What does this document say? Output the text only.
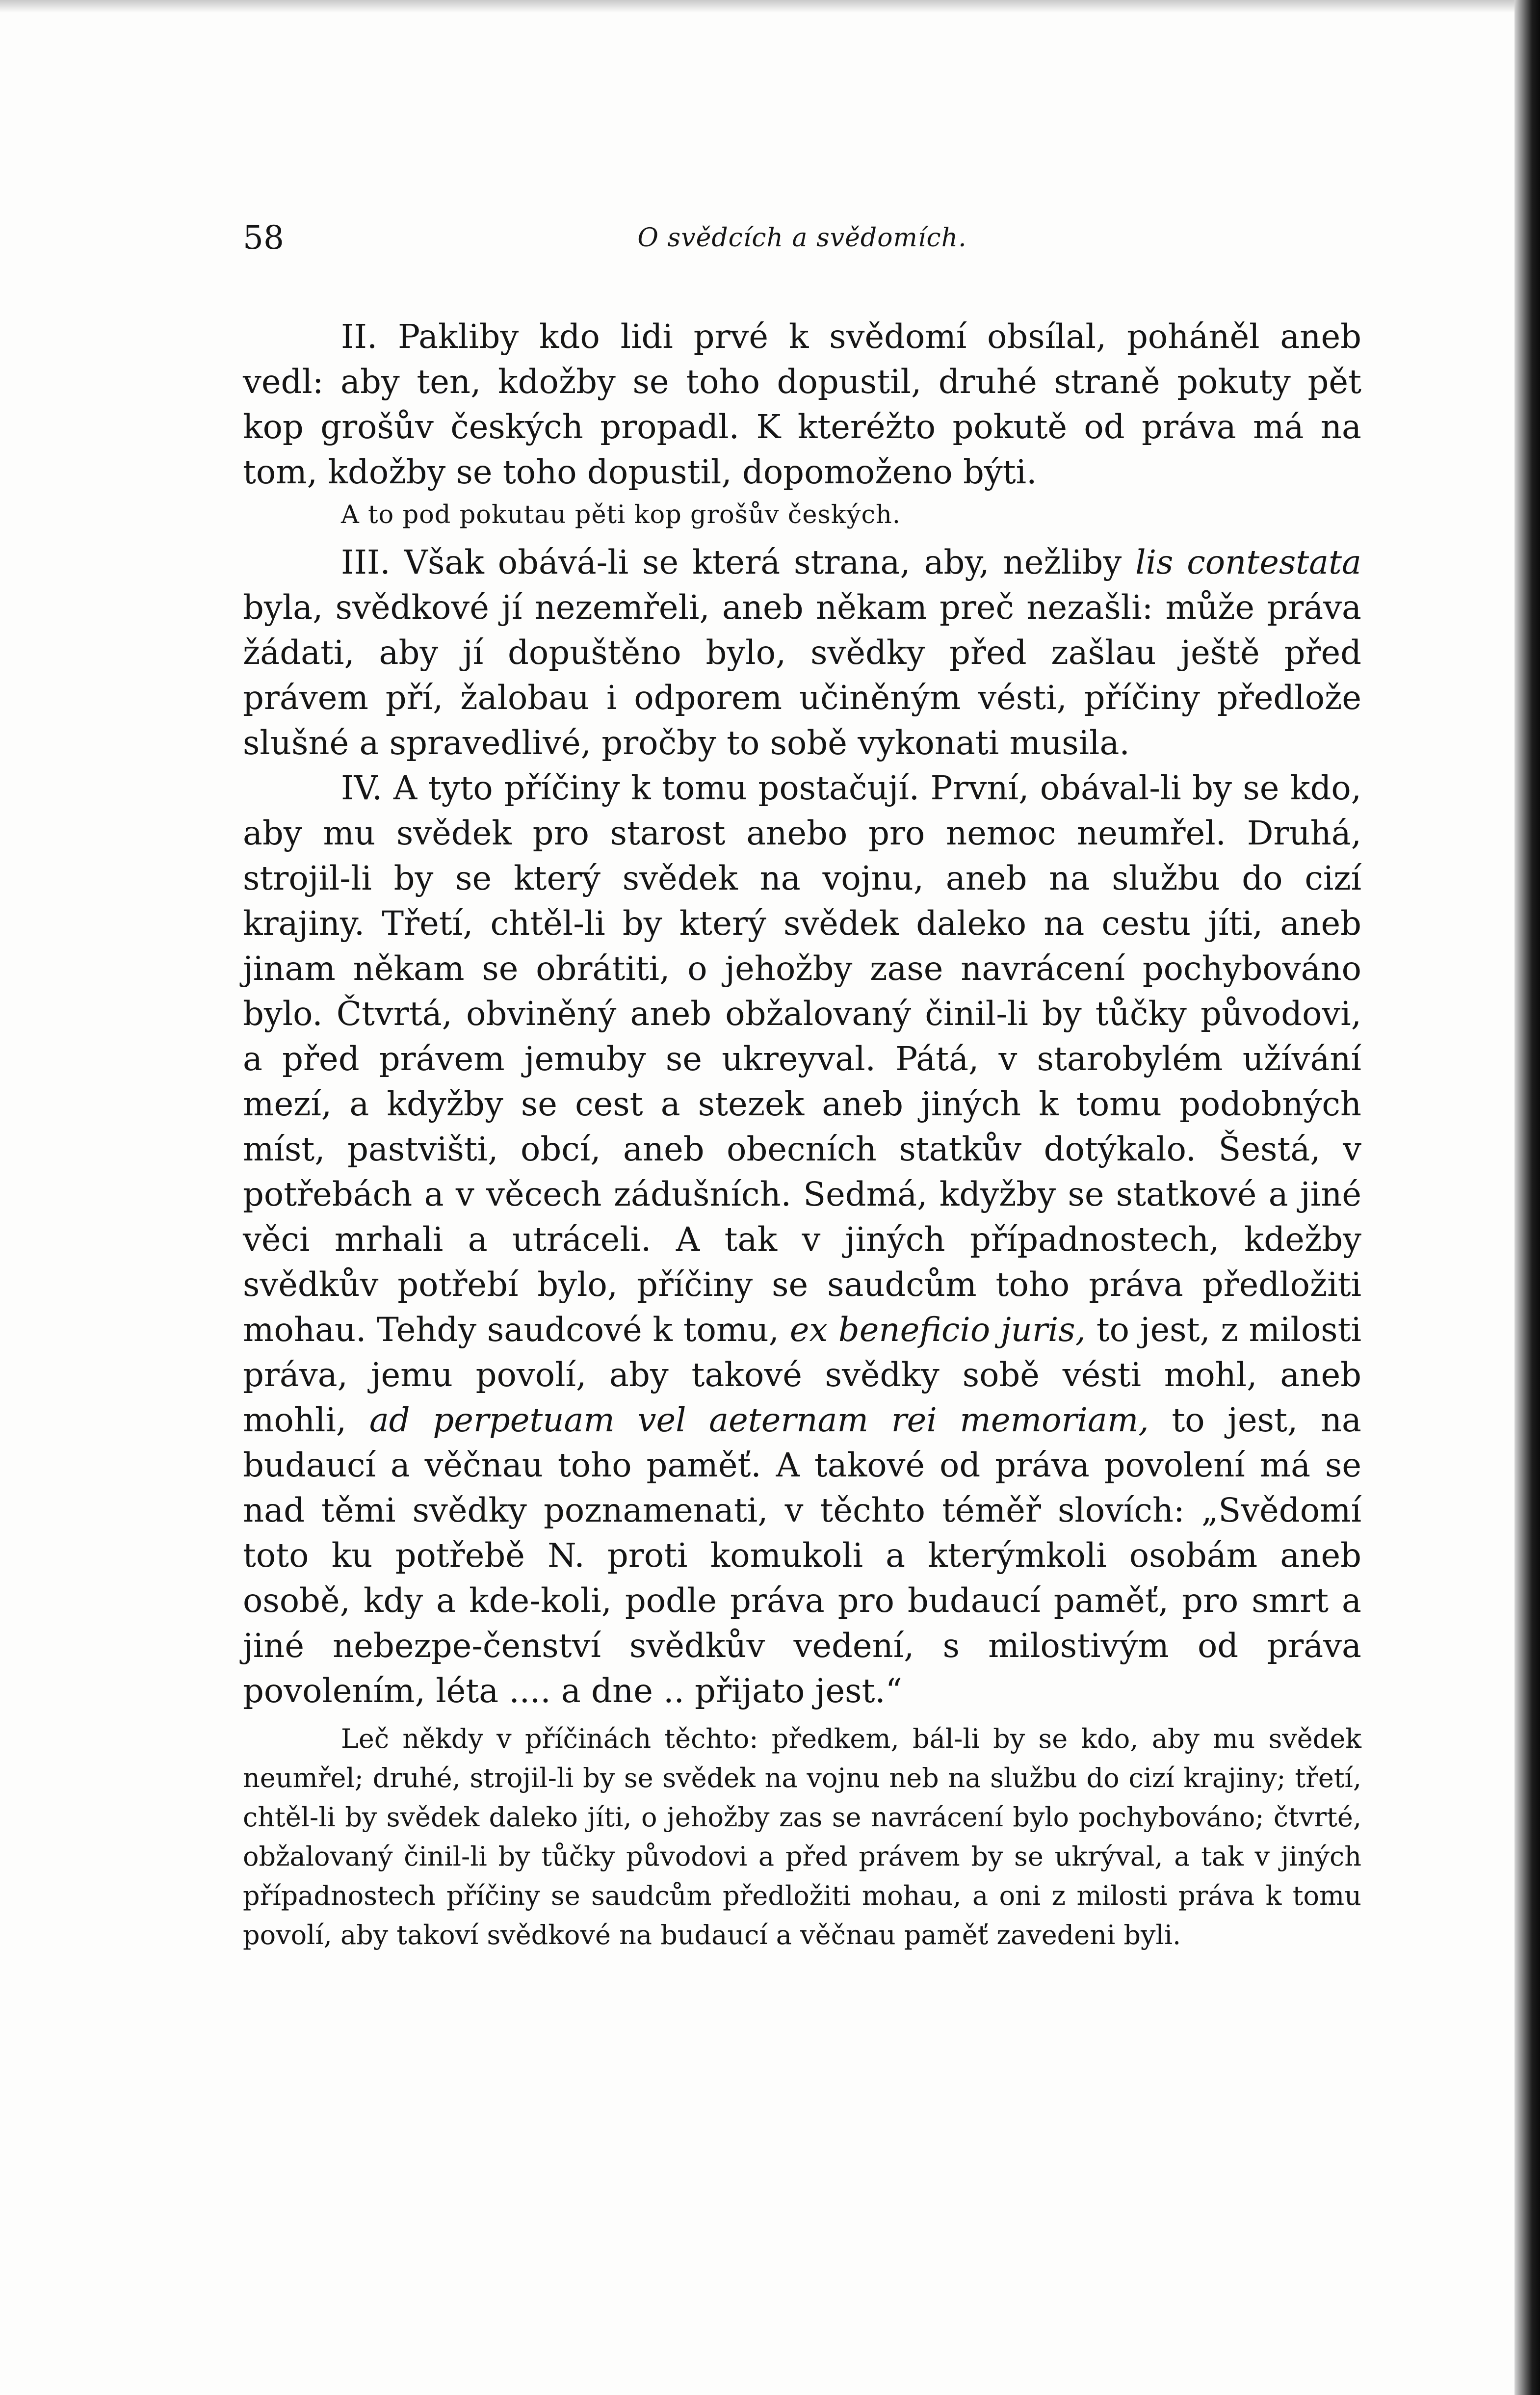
58	O svědcích a svědomích.

II. Pakliby kdo lidi prvé k svědomí obsílal, poháněl aneb vedl: aby ten, kdožby se toho dopustil, druhé straně pokuty pět kop grošův českých propadl. K kteréžto pokutě od práva má na tom, kdožby se toho dopustil, dopomoženo býti.

A to pod pokutau pěti kop grošův českých.

III. Však obává-li se která strana, aby, nežliby lis contestata byla, svědkové jí nezemřeli, aneb někam preč nezašli: může práva žádati, aby jí dopuštěno bylo, svědky před zašlau ještě před právem pří, žalobau i odporem učiněným vésti, příčiny předlože slušné a spravedlivé, pročby to sobě vykonati musila.

IV. A tyto příčiny k tomu postačují. První, obával-li by se kdo, aby mu svědek pro starost anebo pro nemoc neumřel. Druhá, strojil-li by se který svědek na vojnu, aneb na službu do cizí krajiny. Třetí, chtěl-li by který svědek daleko na cestu jíti, aneb jinam někam se obrátiti, o jehožby zase navrácení pochybováno bylo. Čtvrtá, obviněný aneb obžalovaný činil-li by tůčky původovi, a před právem jemuby se ukreyval. Pátá, v starobylém užívání mezí, a kdyžby se cest a stezek aneb jiných k tomu podobných míst, pastvišti, obcí, aneb obecních statkův dotýkalo. Šestá, v potřebách a v věcech zádušních. Sedmá, kdyžby se statkové a jiné věci mrhali a utráceli. A tak v jiných případnostech, kdežby svědkův potřebí bylo, příčiny se saudcům toho práva předložiti mohau. Tehdy saudcové k tomu, ex beneficio juris, to jest, z milosti práva, jemu povolí, aby takové svědky sobě vésti mohl, aneb mohli, ad perpetuam vel aeternam rei memoriam, to jest, na budaucí a věčnau toho paměť. A takové od práva povolení má se nad těmi svědky poznamenati, v těchto téměř slovích: „Svědomí toto ku potřebě N. proti komukoli a kterýmkoli osobám aneb osobě, kdy a kde-koli, podle práva pro budaucí paměť, pro smrt a jiné nebezpe-čenství svědkův vedení, s milostivým od práva povolením, léta .... a dne .. přijato jest.“

Leč někdy v příčinách těchto: předkem, bál-li by se kdo, aby mu svědek neumřel; druhé, strojil-li by se svědek na vojnu neb na službu do cizí krajiny; třetí, chtěl-li by svědek daleko jíti, o jehožby zas se navrácení bylo pochybováno; čtvrté, obžalovaný činil-li by tůčky původovi a před právem by se ukrýval, a tak v jiných případnostech příčiny se saudcům předložiti mohau, a oni z milosti práva k tomu povolí, aby takoví svědkové na budaucí a věčnau paměť zavedeni byli.
